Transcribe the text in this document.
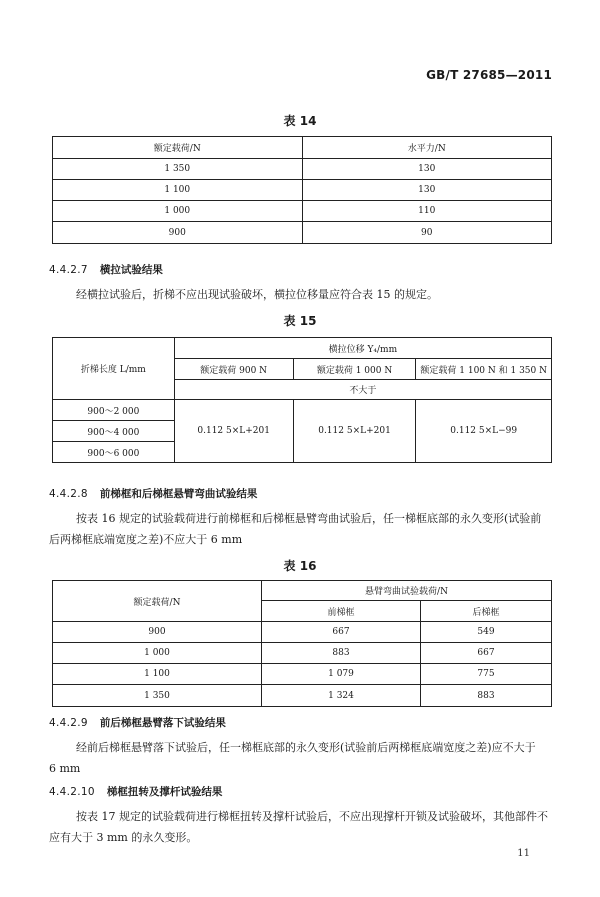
GB/T 27685—2011
表 14
额定载荷/N	水平力/N
1 350	130
1 100	130
1 000	110
900	90
4.4.2.7 横拉试验结果
经横拉试验后，折梯不应出现试验破坏，横拉位移量应符合表 15 的规定。
表 15
折梯长度 L/mm	横拉位移 Y₄/mm		
	额定载荷 900 N	额定载荷 1 000 N	额定载荷 1 100 N 和 1 350 N
	不大于		
900～2 000	0.112 5×L+201	0.112 5×L+201	0.112 5×L−99
900～4 000			
900～6 000			
4.4.2.8 前梯框和后梯框悬臂弯曲试验结果
按表 16 规定的试验载荷进行前梯框和后梯框悬臂弯曲试验后，任一梯框底部的永久变形(试验前
后两梯框底端宽度之差)不应大于 6 mm
表 16
额定载荷/N	悬臂弯曲试验载荷/N	
	前梯框	后梯框
900	667	549
1 000	883	667
1 100	1 079	775
1 350	1 324	883
4.4.2.9 前后梯框悬臂落下试验结果
经前后梯框悬臂落下试验后，任一梯框底部的永久变形(试验前后两梯框底端宽度之差)应不大于
6 mm
4.4.2.10 梯框扭转及撑杆试验结果
按表 17 规定的试验载荷进行梯框扭转及撑杆试验后，不应出现撑杆开锁及试验破坏，其他部件不
应有大于 3 mm 的永久变形。
11
